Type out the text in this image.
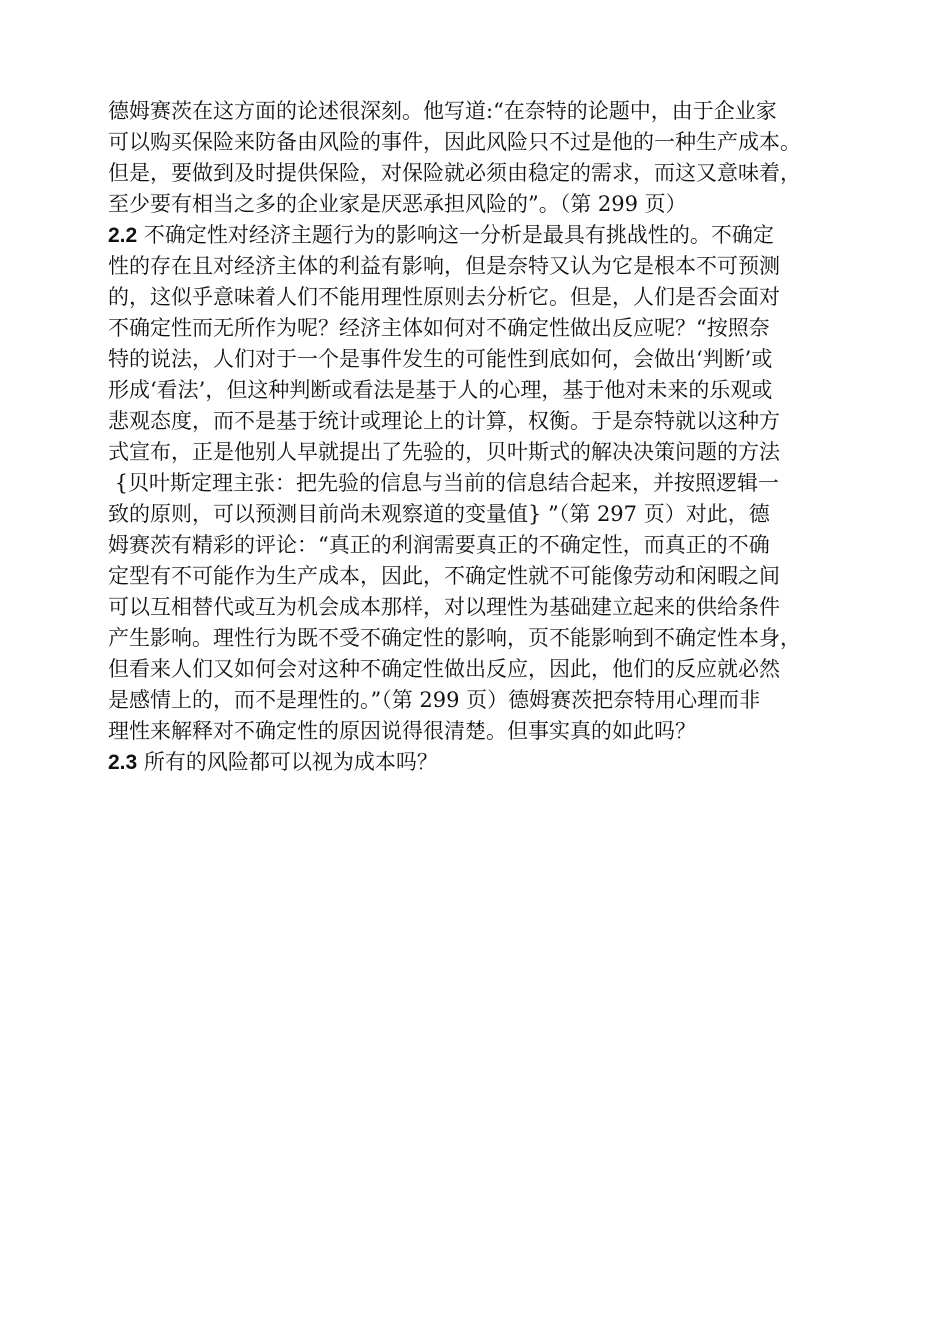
德姆赛茨在这方面的论述很深刻。他写道:“在奈特的论题中，由于企业家
可以购买保险来防备由风险的事件，因此风险只不过是他的一种生产成本。
但是，要做到及时提供保险，对保险就必须由稳定的需求，而这又意味着，
至少要有相当之多的企业家是厌恶承担风险的”。（第 299 页）
2.2 不确定性对经济主题行为的影响这一分析是最具有挑战性的。不确定
性的存在且对经济主体的利益有影响，但是奈特又认为它是根本不可预测
的，这似乎意味着人们不能用理性原则去分析它。但是，人们是否会面对
不确定性而无所作为呢？经济主体如何对不确定性做出反应呢？“按照奈
特的说法，人们对于一个是事件发生的可能性到底如何，会做出‘判断’或
形成‘看法’，但这种判断或看法是基于人的心理，基于他对未来的乐观或
悲观态度，而不是基于统计或理论上的计算，权衡。于是奈特就以这种方
式宣布，正是他别人早就提出了先验的，贝叶斯式的解决决策问题的方法
{贝叶斯定理主张：把先验的信息与当前的信息结合起来，并按照逻辑一
致的原则，可以预测目前尚未观察道的变量值} ”（第 297 页）对此，德
姆赛茨有精彩的评论：“真正的利润需要真正的不确定性，而真正的不确
定型有不可能作为生产成本，因此，不确定性就不可能像劳动和闲暇之间
可以互相替代或互为机会成本那样，对以理性为基础建立起来的供给条件
产生影响。理性行为既不受不确定性的影响，页不能影响到不确定性本身，
但看来人们又如何会对这种不确定性做出反应，因此，他们的反应就必然
是感情上的，而不是理性的。”（第 299 页）德姆赛茨把奈特用心理而非
理性来解释对不确定性的原因说得很清楚。但事实真的如此吗？
2.3 所有的风险都可以视为成本吗？
